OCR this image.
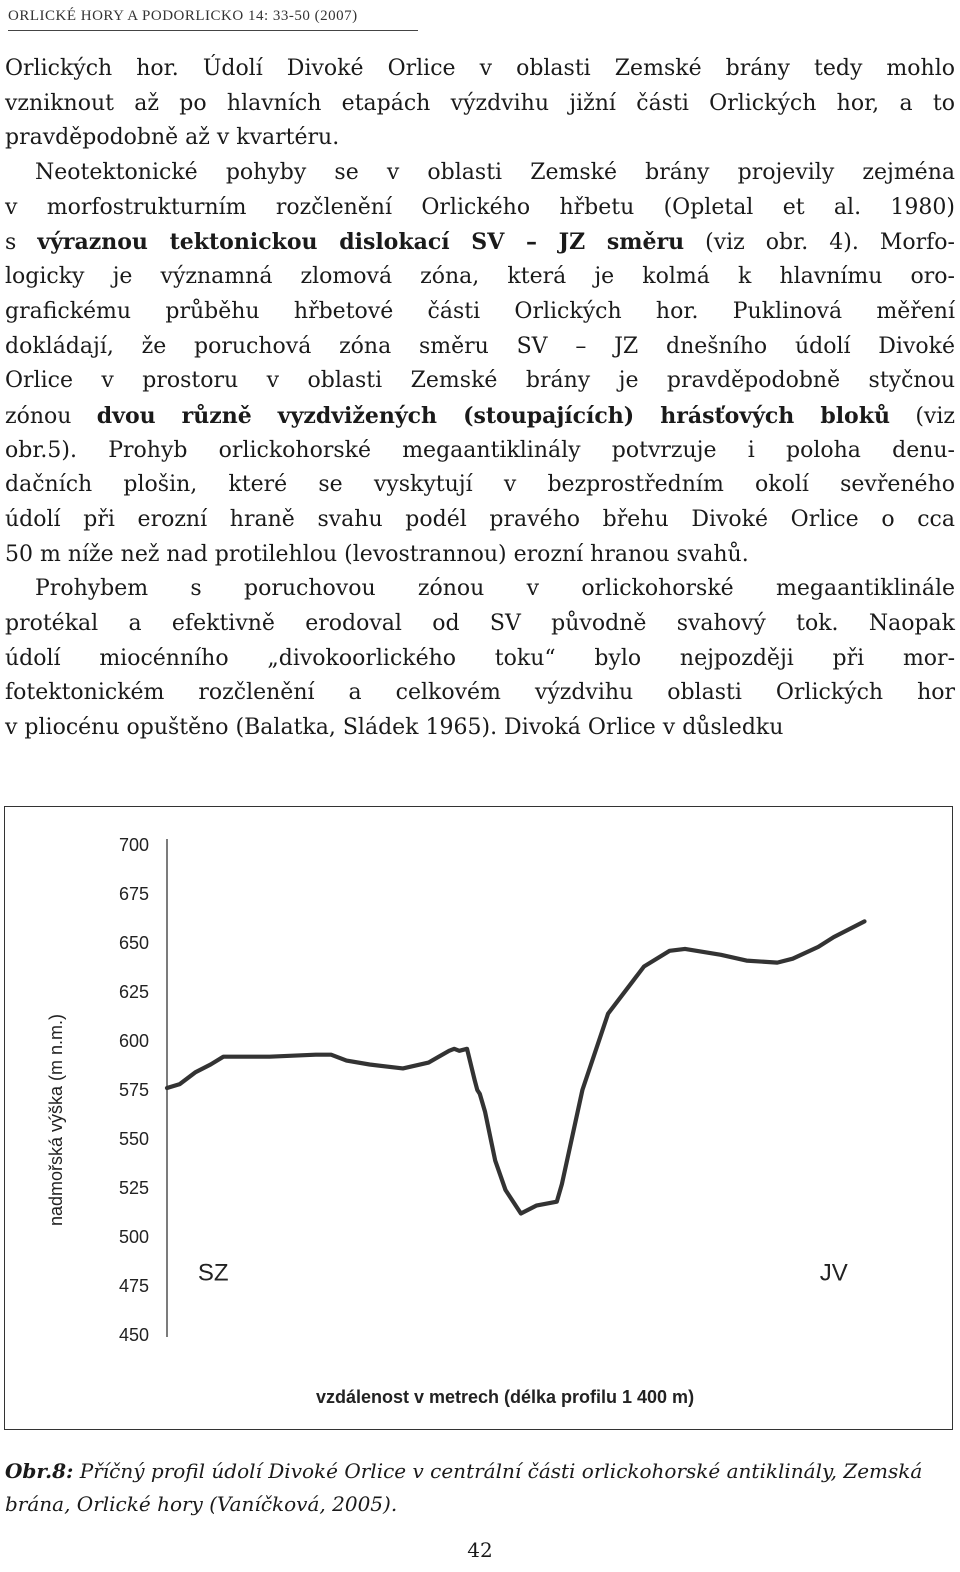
ORLICKÉ HORY A PODORLICKO 14: 33-50 (2007)
Orlických hor. Údolí Divoké Orlice v oblasti Zemské brány tedy mohlo
vzniknout až po hlavních etapách výzdvihu jižní části Orlických hor, a to
pravděpodobně až v kvartéru.
Neotektonické pohyby se v oblasti Zemské brány projevily zejména
v morfostrukturním rozčlenění Orlického hřbetu (Opletal et al. 1980)
s výraznou tektonickou dislokací SV – JZ směru (viz obr. 4). Morfo-
logicky je významná zlomová zóna, která je kolmá k hlavnímu oro-
grafickému průběhu hřbetové části Orlických hor. Puklinová měření
dokládají, že poruchová zóna směru SV – JZ dnešního údolí Divoké
Orlice v prostoru v oblasti Zemské brány je pravděpodobně styčnou
zónou dvou různě vyzdvižených (stoupajících) hrásťových bloků (viz
obr.5). Prohyb orlickohorské megaantiklinály potvrzuje i poloha denu-
dačních plošin, které se vyskytují v bezprostředním okolí sevřeného
údolí při erozní hraně svahu podél pravého břehu Divoké Orlice o cca
50 m níže než nad protilehlou (levostrannou) erozní hranou svahů.
Prohybem s poruchovou zónou v orlickohorské megaantiklinále
protékal a efektivně erodoval od SV původně svahový tok. Naopak
údolí miocénního „divokoorlického toku“ bylo nejpozději při mor-
fotektonickém rozčlenění a celkovém výzdvihu oblasti Orlických hor
v pliocénu opuštěno (Balatka, Sládek 1965). Divoká Orlice v důsledku
700
675
650
625
600
575
550
525
500
475
450
nadmořská výška (m n.m.)
vzdálenost v metrech (délka profilu 1 400 m)
SZ	JV
Obr.8: Příčný profil údolí Divoké Orlice v centrální části orlickohorské antiklinály, Zemská brána, Orlické hory (Vaníčková, 2005).
42
